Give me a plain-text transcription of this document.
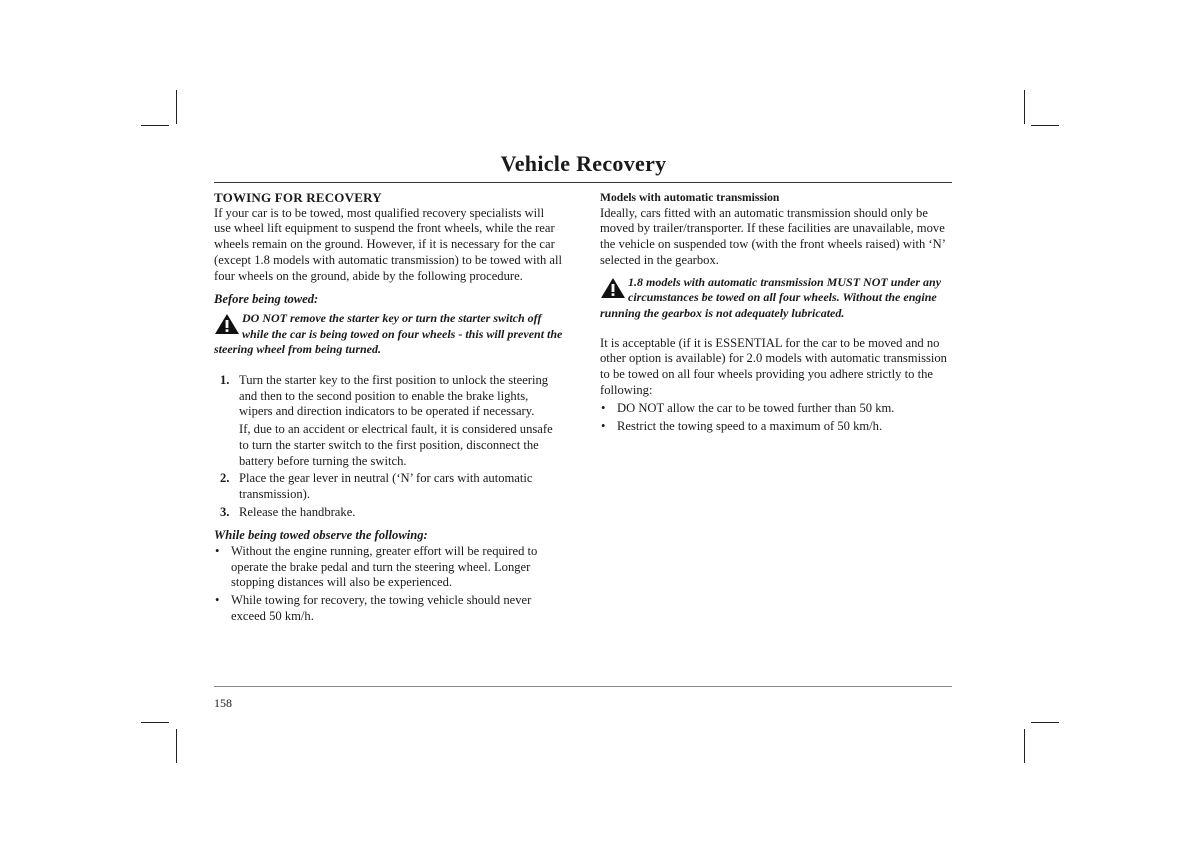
Vehicle Recovery
TOWING FOR RECOVERY

If your car is to be towed, most qualified recovery specialists will use wheel lift equipment to suspend the front wheels, while the rear wheels remain on the ground. However, if it is necessary for the car (except 1.8 models with automatic transmission) to be towed with all four wheels on the ground, abide by the following procedure.

Before being towed:

DO NOT remove the starter key or turn the starter switch off while the car is being towed on four wheels - this will prevent the steering wheel from being turned.

1. Turn the starter key to the first position to unlock the steering and then to the second position to enable the brake lights, wipers and direction indicators to be operated if necessary.
If, due to an accident or electrical fault, it is considered unsafe to turn the starter switch to the first position, disconnect the battery before turning the switch.
2. Place the gear lever in neutral (‘N’ for cars with automatic transmission).
3. Release the handbrake.
While being towed observe the following:
• Without the engine running, greater effort will be required to operate the brake pedal and turn the steering wheel. Longer stopping distances will also be experienced.
• While towing for recovery, the towing vehicle should never exceed 50 km/h.
Models with automatic transmission

Ideally, cars fitted with an automatic transmission should only be moved by trailer/transporter. If these facilities are unavailable, move the vehicle on suspended tow (with the front wheels raised) with ‘N’ selected in the gearbox.

1.8 models with automatic transmission MUST NOT under any circumstances be towed on all four wheels. Without the engine running the gearbox is not adequately lubricated.

It is acceptable (if it is ESSENTIAL for the car to be moved and no other option is available) for 2.0 models with automatic transmission to be towed on all four wheels providing you adhere strictly to the following:

• DO NOT allow the car to be towed further than 50 km.
• Restrict the towing speed to a maximum of 50 km/h.
158
